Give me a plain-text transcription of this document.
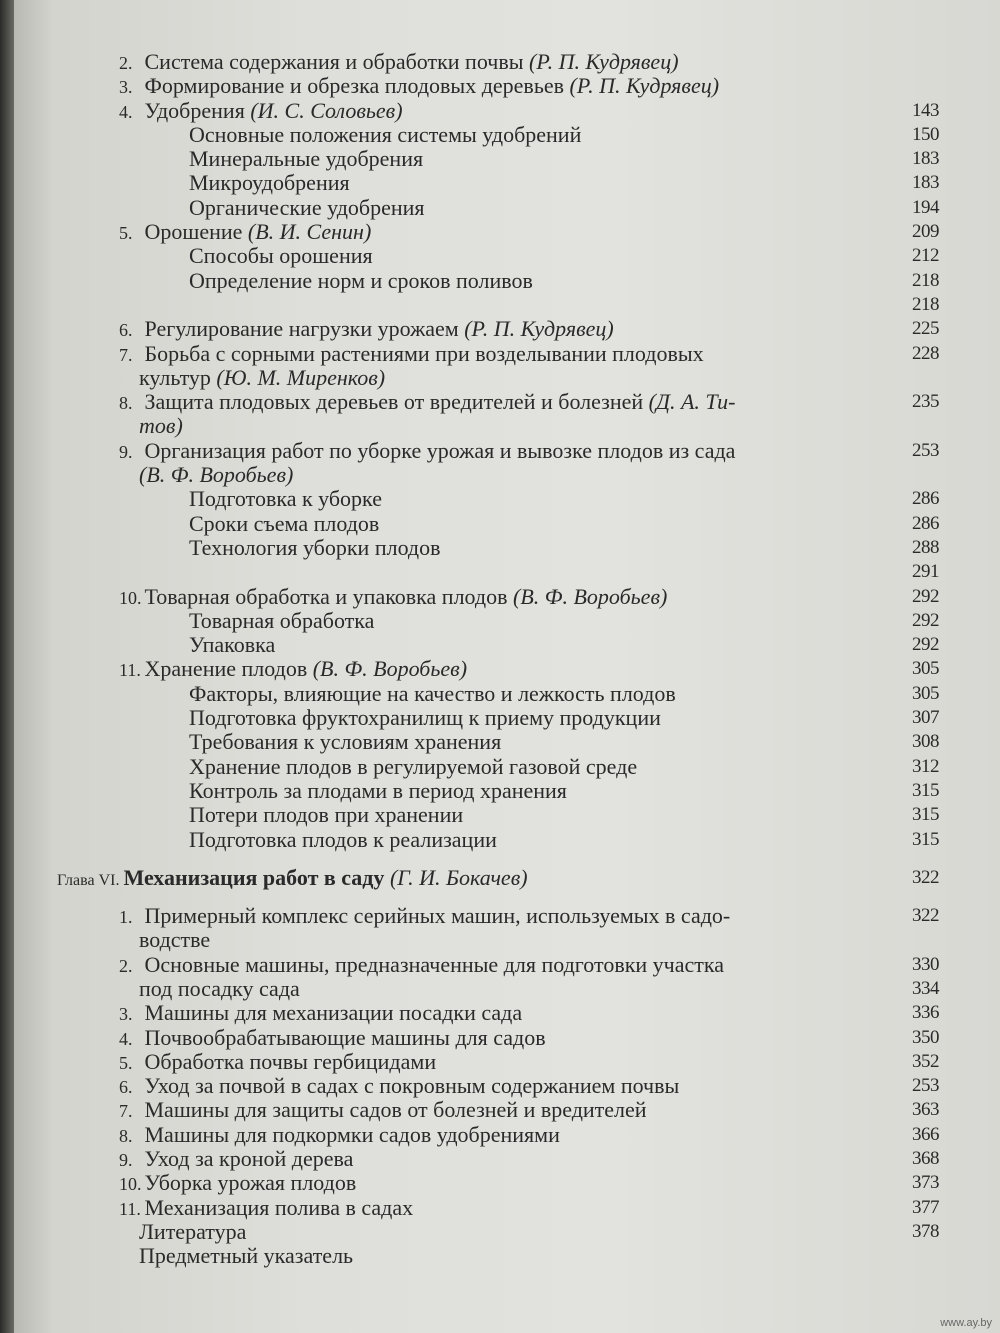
2. Система содержания и обработки почвы (Р. П. Кудрявец)
3. Формирование и обрезка плодовых деревьев (Р. П. Кудрявец)
4. Удобрения (И. С. Соловьев)	143
Основные положения системы удобрений	150
Минеральные удобрения	183
Микроудобрения	183
Органические удобрения	194
5. Орошение (В. И. Сенин)	209
Способы орошения	212
Определение норм и сроков поливов	218
218
6. Регулирование нагрузки урожаем (Р. П. Кудрявец)	225
7. Борьба с сорными растениями при возделывании плодовых	228
культур (Ю. М. Миренков)
8. Защита плодовых деревьев от вредителей и болезней (Д. А. Ти-	235
тов)
9. Организация работ по уборке урожая и вывозке плодов из сада	253
(В. Ф. Воробьев)
Подготовка к уборке	286
Сроки съема плодов	286
Технология уборки плодов	288
291
10. Товарная обработка и упаковка плодов (В. Ф. Воробьев)	292
Товарная обработка	292
Упаковка	292
11. Хранение плодов (В. Ф. Воробьев)	305
Факторы, влияющие на качество и лежкость плодов	305
Подготовка фруктохранилищ к приему продукции	307
Требования к условиям хранения	308
Хранение плодов в регулируемой газовой среде	312
Контроль за плодами в период хранения	315
Потери плодов при хранении	315
Подготовка плодов к реализации	315
Глава VI. Механизация работ в саду (Г. И. Бокачев)	322
1. Примерный комплекс серийных машин, используемых в садо-	322
водстве
2. Основные машины, предназначенные для подготовки участка	330
под посадку сада	334
3. Машины для механизации посадки сада	336
4. Почвообрабатывающие машины для садов	350
5. Обработка почвы гербицидами	352
6. Уход за почвой в садах с покровным содержанием почвы	253
7. Машины для защиты садов от болезней и вредителей	363
8. Машины для подкормки садов удобрениями	366
9. Уход за кроной дерева	368
10. Уборка урожая плодов	373
11. Механизация полива в садах	377
Литература	378
Предметный указатель
www.ay.by
